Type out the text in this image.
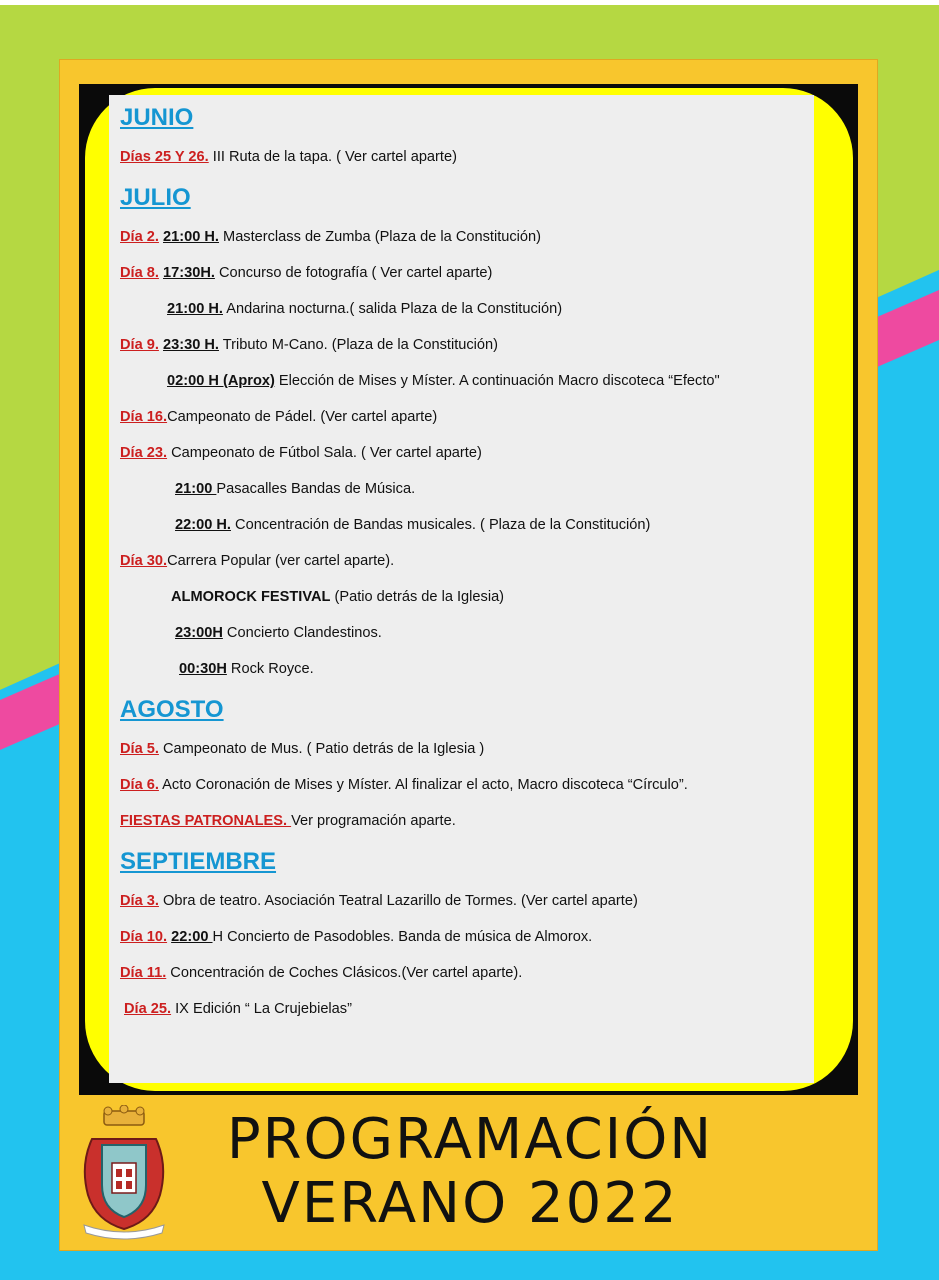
JUNIO
Días 25 Y 26. III Ruta de la tapa. ( Ver cartel aparte)
JULIO
Día 2. 21:00 H. Masterclass de Zumba (Plaza de la Constitución)
Día 8. 17:30H. Concurso de fotografía ( Ver cartel aparte)
21:00 H. Andarina nocturna.( salida Plaza de la Constitución)
Día 9. 23:30 H. Tributo M-Cano. (Plaza de la Constitución)
02:00 H (Aprox) Elección de Mises y Míster. A continuación Macro discoteca “Efecto"
Día 16.Campeonato de Pádel. (Ver cartel aparte)
Día 23. Campeonato de Fútbol Sala. ( Ver cartel aparte)
21:00 Pasacalles Bandas de Música.
22:00 H. Concentración de Bandas musicales. ( Plaza de la Constitución)
Día 30.Carrera Popular (ver cartel aparte).
ALMOROCK FESTIVAL (Patio detrás de la Iglesia)
23:00H Concierto Clandestinos.
00:30H Rock Royce.
AGOSTO
Día 5. Campeonato de Mus. ( Patio detrás de la Iglesia )
Día 6. Acto Coronación de Mises y Míster. Al finalizar el acto, Macro discoteca “Círculo”.
FIESTAS PATRONALES. Ver programación aparte.
SEPTIEMBRE
Día 3. Obra de teatro. Asociación Teatral Lazarillo de Tormes. (Ver cartel aparte)
Día 10. 22:00 H Concierto de Pasodobles. Banda de música de Almorox.
Día 11. Concentración de Coches Clásicos.(Ver cartel aparte).
Día 25. IX Edición “ La Crujebielas”
PROGRAMACIÓN
VERANO 2022
